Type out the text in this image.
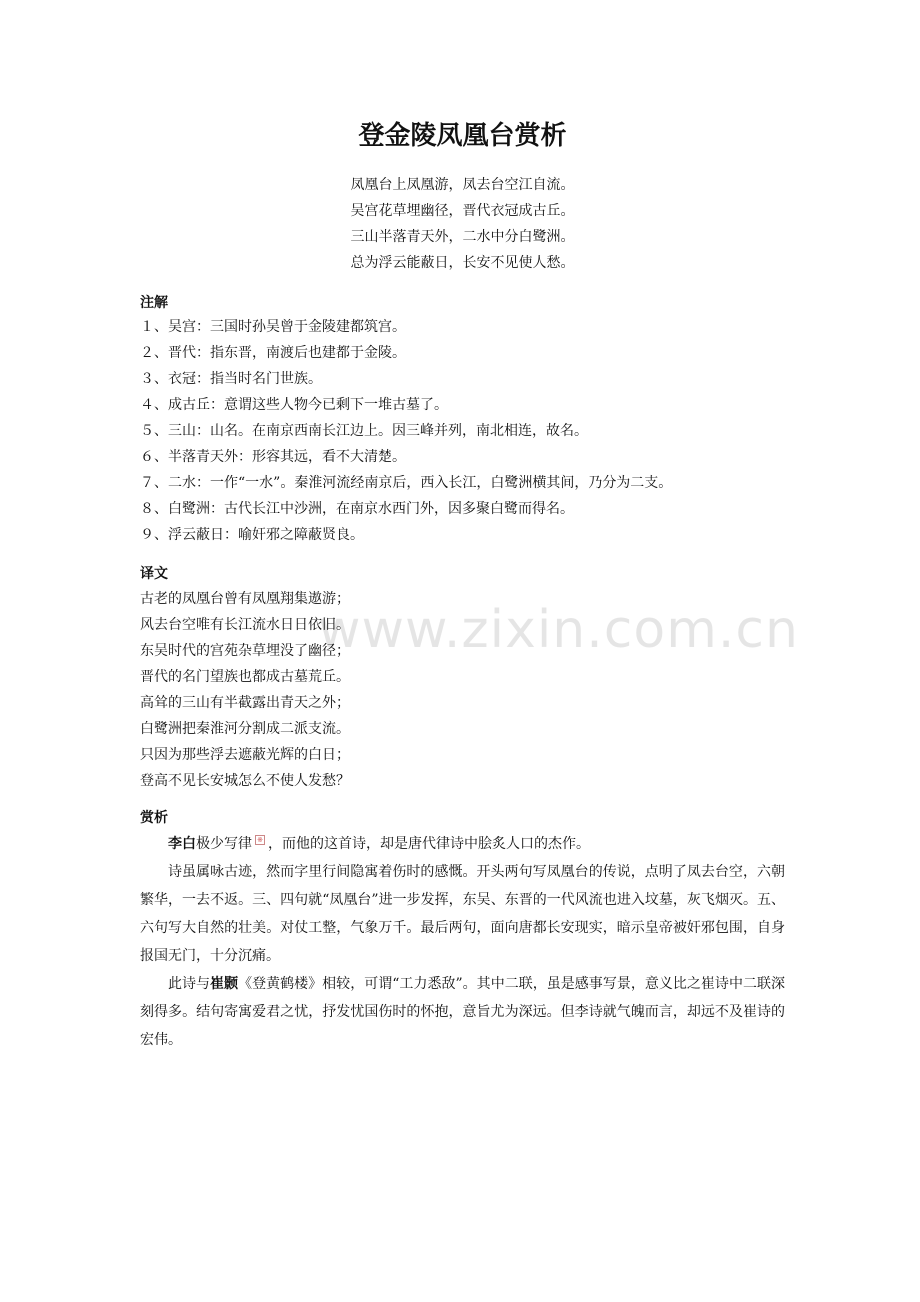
登金陵凤凰台赏析
凤凰台上凤凰游，凤去台空江自流。
吴宫花草埋幽径，晋代衣冠成古丘。
三山半落青天外，二水中分白鹭洲。
总为浮云能蔽日，长安不见使人愁。
注解
１、吴宫：三国时孙吴曾于金陵建都筑宫。
２、晋代：指东晋，南渡后也建都于金陵。
３、衣冠：指当时名门世族。
４、成古丘：意谓这些人物今已剩下一堆古墓了。
５、三山：山名。在南京西南长江边上。因三峰并列，南北相连，故名。
６、半落青天外：形容其远，看不大清楚。
７、二水：一作“一水”。秦淮河流经南京后，西入长江，白鹭洲横其间，乃分为二支。
８、白鹭洲：古代长江中沙洲，在南京水西门外，因多聚白鹭而得名。
９、浮云蔽日：喻奸邪之障蔽贤良。
译文
古老的凤凰台曾有凤凰翔集遨游；
风去台空唯有长江流水日日依旧。
东吴时代的宫苑杂草埋没了幽径；
晋代的名门望族也都成古墓荒丘。
高耸的三山有半截露出青天之外；
白鹭洲把秦淮河分割成二派支流。
只因为那些浮去遮蔽光辉的白日；
登高不见长安城怎么不使人发愁？
赏析

李白极少写律 ※ ，而他的这首诗，却是唐代律诗中脍炙人口的杰作。

诗虽属咏古迹，然而字里行间隐寓着伤时的感慨。开头两句写凤凰台的传说，点明了凤去台空，六朝繁华，一去不返。三、四句就“凤凰台”进一步发挥，东吴、东晋的一代风流也进入坟墓，灰飞烟灭。五、六句写大自然的壮美。对仗工整，气象万千。最后两句，面向唐都长安现实，暗示皇帝被奸邪包围，自身报国无门，十分沉痛。

此诗与崔颢《登黄鹤楼》相较，可谓“工力悉敌”。其中二联，虽是感事写景，意义比之崔诗中二联深刻得多。结句寄寓爱君之忧，抒发忧国伤时的怀抱，意旨尤为深远。但李诗就气魄而言，却远不及崔诗的宏伟。

www.zixin.com.cn
